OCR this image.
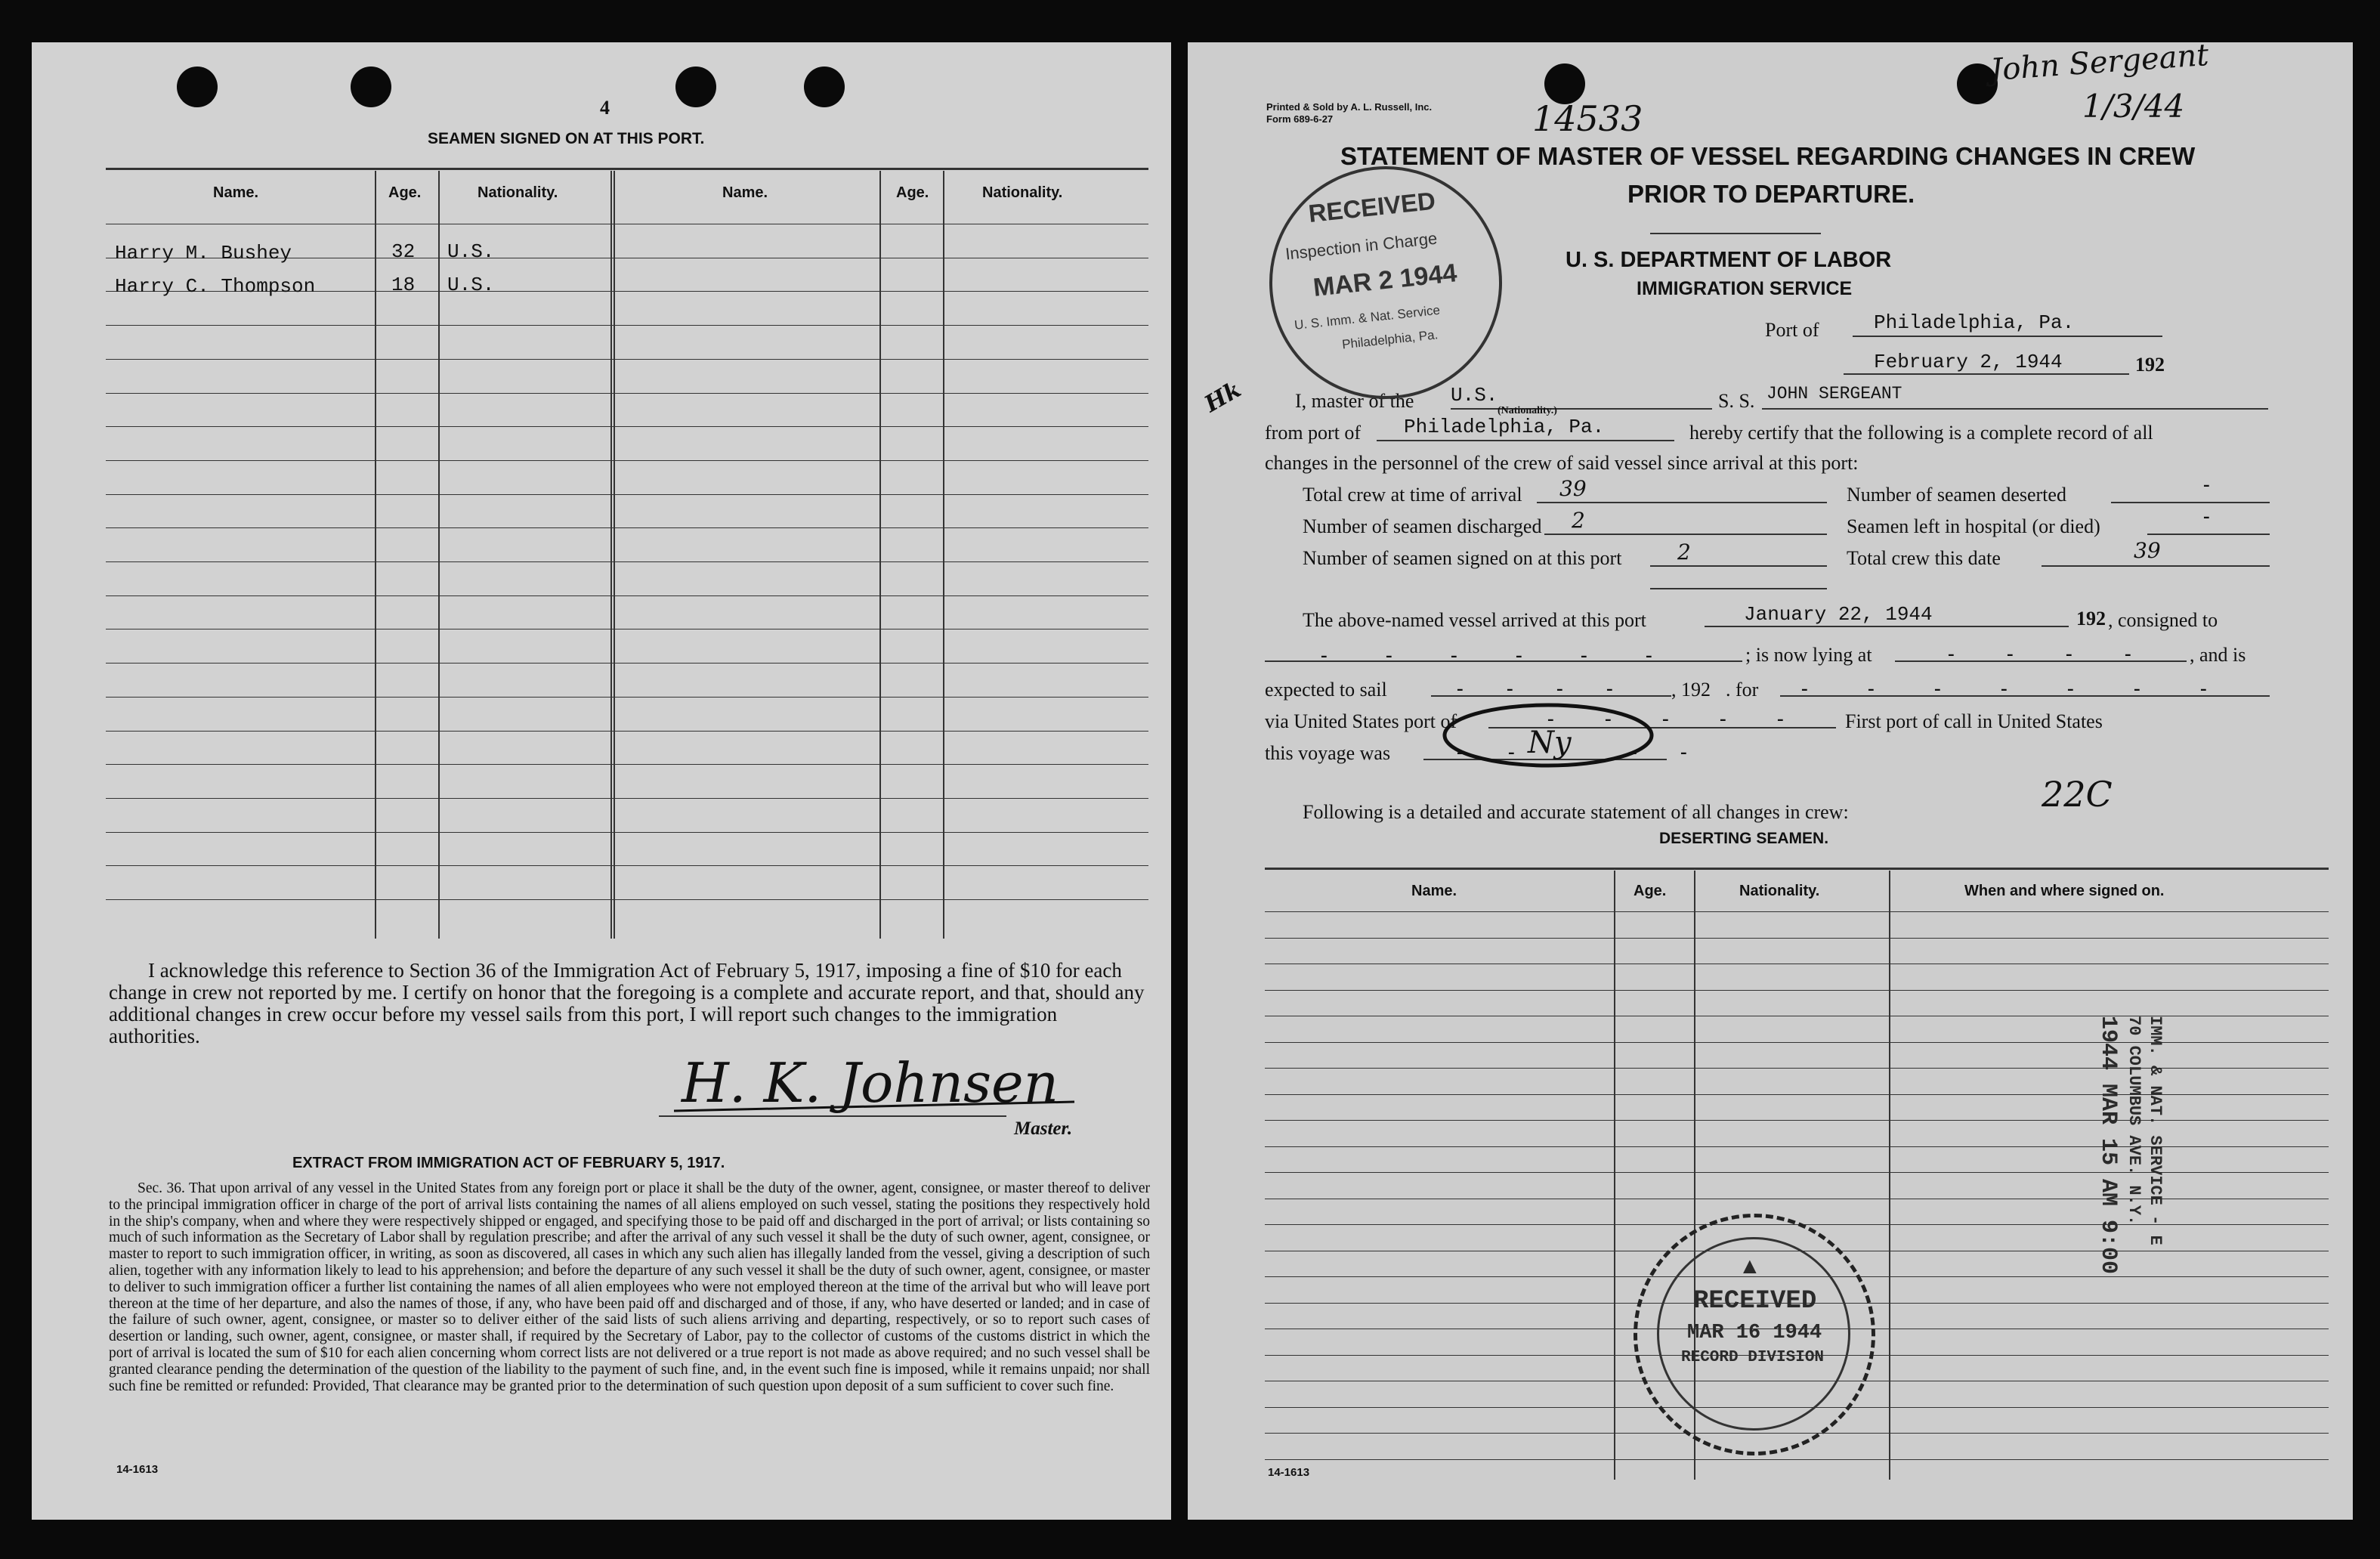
4
SEAMEN SIGNED ON AT THIS PORT.
Name.	Age.	Nationality.	Name.	Age.	Nationality.
Harry M. Bushey	32 U.S.
Harry C. Thompson	18 U.S.
I acknowledge this reference to Section 36 of the Immigration Act of February 5, 1917, imposing a fine of $10 for each change in crew not reported by me. I certify on honor that the foregoing is a complete and accurate report, and that, should any additional changes in crew occur before my vessel sails from this port, I will report such changes to the immigration authorities.
H. K. Johnsen
Master.
EXTRACT FROM IMMIGRATION ACT OF FEBRUARY 5, 1917.
Sec. 36. That upon arrival of any vessel in the United States from any foreign port or place it shall be the duty of the owner, agent, consignee, or master thereof to deliver to the principal immigration officer in charge of the port of arrival lists containing the names of all aliens employed on such vessel, stating the positions they respectively hold in the ship's company, when and where they were respectively shipped or engaged, and specifying those to be paid off and discharged in the port of arrival; or lists containing so much of such information as the Secretary of Labor shall by regulation prescribe; and after the arrival of any such vessel it shall be the duty of such owner, agent, consignee, or master to report to such immigration officer, in writing, as soon as discovered, all cases in which any such alien has illegally landed from the vessel, giving a description of such alien, together with any information likely to lead to his apprehension; and before the departure of any such vessel it shall be the duty of such owner, agent, consignee, or master to deliver to such immigration officer a further list containing the names of all alien employees who were not employed thereon at the time of the arrival but who will leave port thereon at the time of her departure, and also the names of those, if any, who have been paid off and discharged and of those, if any, who have deserted or landed; and in case of the failure of such owner, agent, consignee, or master so to deliver either of the said lists of such aliens arriving and departing, respectively, or so to report such cases of desertion or landing, such owner, agent, consignee, or master shall, if required by the Secretary of Labor, pay to the collector of customs of the customs district in which the port of arrival is located the sum of $10 for each alien concerning whom correct lists are not delivered or a true report is not made as above required; and no such vessel shall be granted clearance pending the determination of the question of the liability to the payment of such fine, and, in the event such fine is imposed, while it remains unpaid; nor shall such fine be remitted or refunded: Provided, That clearance may be granted prior to the determination of such question upon deposit of a sum sufficient to cover such fine.
14-1613
Printed & Sold by A. L. Russell, Inc.
Form 689-6-27	14533
John Sergeant
1/3/44
STATEMENT OF MASTER OF VESSEL REGARDING CHANGES IN CREW
PRIOR TO DEPARTURE.
U. S. DEPARTMENT OF LABOR
IMMIGRATION SERVICE
Port of	Philadelphia, Pa.
February 2, 1944	192
Hk	I, master of the U.S.
(Nationality.)	S. S. JOHN SERGEANT
from port of Philadelphia, Pa.	hereby certify that the following is a complete record of all
changes in the personnel of the crew of said vessel since arrival at this port:
Total crew at time of arrival 39
Number of seamen discharged 2
Number of seamen signed on at this port	2
Number of seamen deserted	-
Seamen left in hospital (or died)	-
Total crew this date	39
The above-named vessel arrived at this port	January 22, 1944	192 , consigned to
; is now lying at	, and is
expected to sail	, 192 . for
via United States port of	First port of call in United States
this voyage was	Ny
-	-	-	-	-	-	-	-	-	-
- - - -	-	-	-	-	-	-	-
-	-	-	-	-
- -	- -
Following is a detailed and accurate statement of all changes in crew:	22C
DESERTING SEAMEN.
Name.	Age.	Nationality.	When and where signed on.
14-1613
IMM. & NAT. SERVICE - E
70 COLUMBUS AVE. N.Y.
1944 MAR 15 AM 9:00
RECEIVED
Inspection in Charge
MAR 2 1944
U. S. Imm. & Nat. Service
Philadelphia, Pa.
▲
RECEIVED
MAR 16 1944
RECORD DIVISION
